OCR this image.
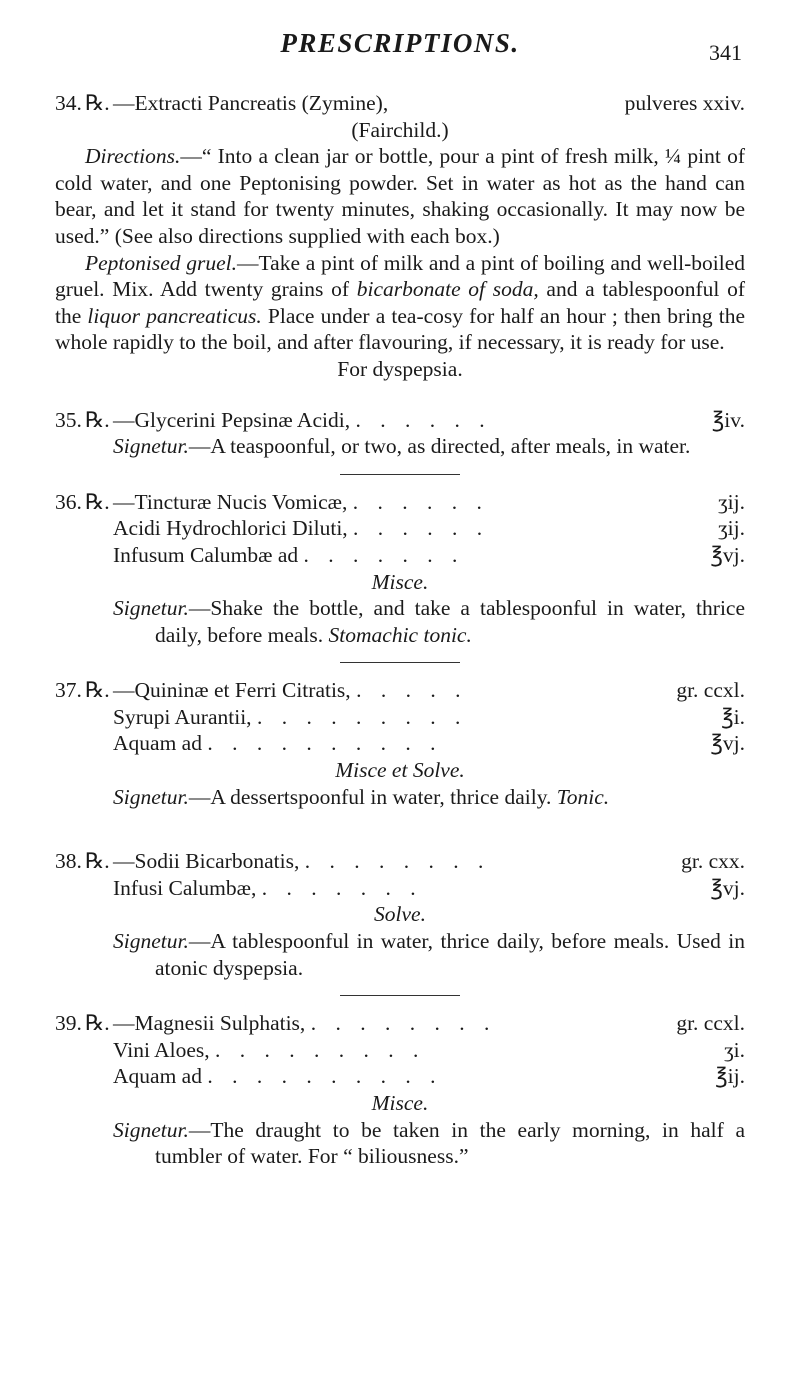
PRESCRIPTIONS.	341
34. ℞. —Extracti Pancreatis (Zymine),	pulveres xxiv.
(Fairchild.)
Directions.—“ Into a clean jar or bottle, pour a pint of fresh milk, ¼ pint of cold water, and one Peptonising powder. Set in water as hot as the hand can bear, and let it stand for twenty minutes, shaking occasionally. It may now be used.” (See also directions supplied with each box.)
Peptonised gruel.—Take a pint of milk and a pint of boiling and well-boiled gruel. Mix. Add twenty grains of bicarbonate of soda, and a tablespoonful of the liquor pancreaticus. Place under a tea-cosy for half an hour ; then bring the whole rapidly to the boil, and after flavouring, if necessary, it is ready for use.
For dyspepsia.
35. ℞. —Glycerini Pepsinæ Acidi, . . . . . .	℥iv.
Signetur.—A teaspoonful, or two, as directed, after meals, in water.
36. ℞. —Tincturæ Nucis Vomicæ, . . . . . .	ʒij.
Acidi Hydrochlorici Diluti, . . . . . .	ʒij.
Infusum Calumbæ ad . . . . . . .	℥vj.
Misce.
Signetur.—Shake the bottle, and take a tablespoonful in water, thrice daily, before meals. Stomachic tonic.
37. ℞. —Quininæ et Ferri Citratis, . . . . .	gr. ccxl.
Syrupi Aurantii, . . . . . . . . .	℥i.
Aquam ad . . . . . . . . . .	℥vj.
Misce et Solve.
Signetur.—A dessertspoonful in water, thrice daily. Tonic.
38. ℞. —Sodii Bicarbonatis, . . . . . . . .	gr. cxx.
Infusi Calumbæ, . . . . . . .	℥vj.
Solve.
Signetur.—A tablespoonful in water, thrice daily, before meals. Used in atonic dyspepsia.
39. ℞. —Magnesii Sulphatis, . . . . . . . .	gr. ccxl.
Vini Aloes, . . . . . . . . .	ʒi.
Aquam ad . . . . . . . . . .	℥ij.
Misce.
Signetur.—The draught to be taken in the early morning, in half a tumbler of water. For “ biliousness.”
